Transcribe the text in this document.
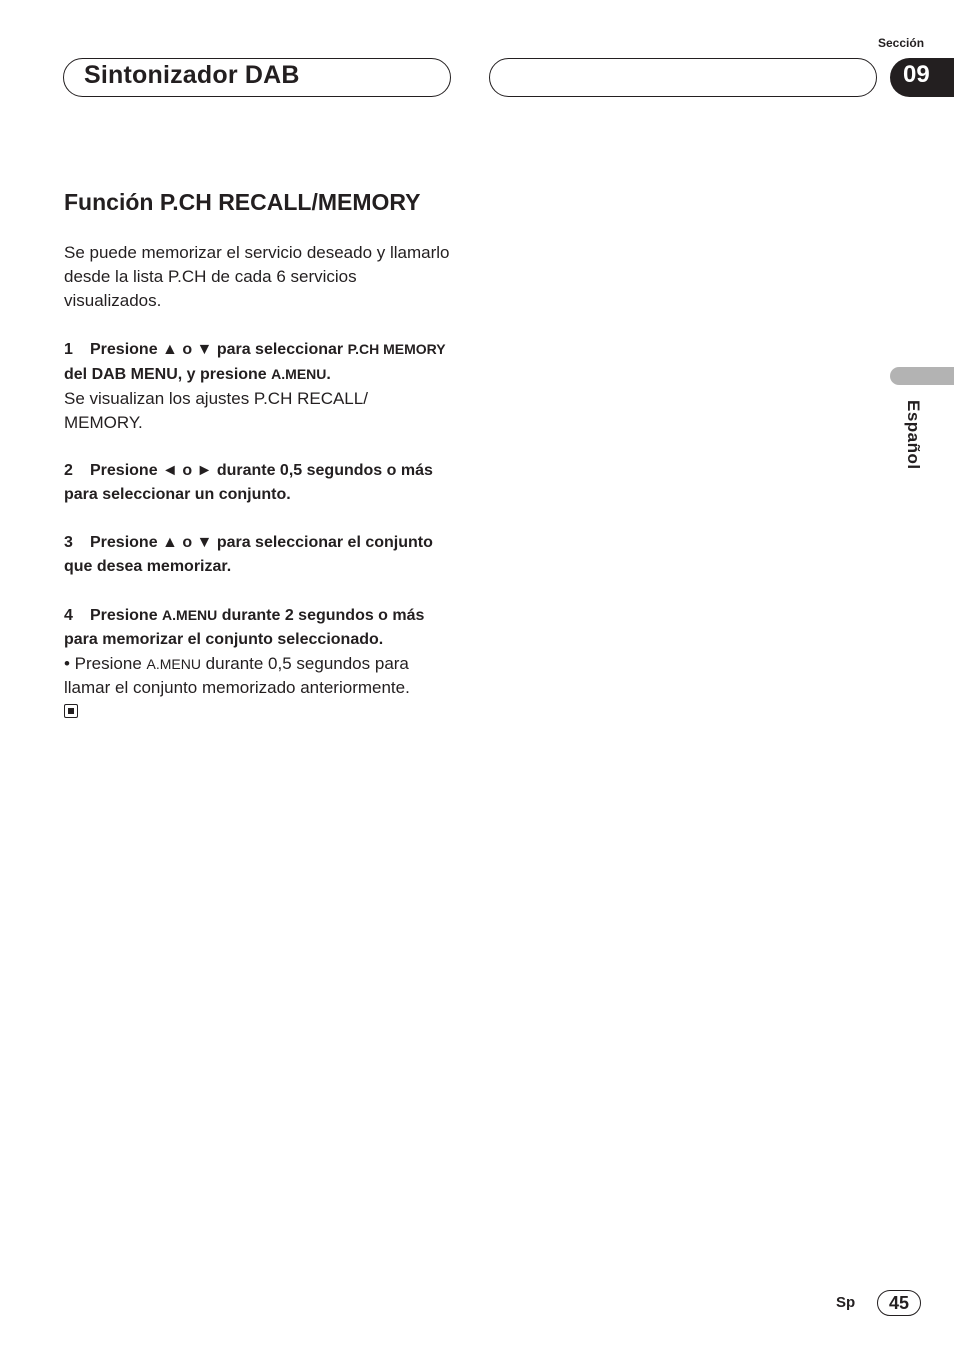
Sintonizador DAB
Sección
09
Español
Función P.CH RECALL/MEMORY

Se puede memorizar el servicio deseado y llamarlo desde la lista P.CH de cada 6 servicios visualizados.

1 Presione ▲ o ▼ para seleccionar P.CH MEMORY del DAB MENU, y presione A.MENU.

Se visualizan los ajustes P.CH RECALL/ MEMORY.

2 Presione ◄ o ► durante 0,5 segundos o más para seleccionar un conjunto.
3 Presione ▲ o ▼ para seleccionar el conjunto que desea memorizar.
4 Presione A.MENU durante 2 segundos o más para memorizar el conjunto seleccionado.

• Presione A.MENU durante 0,5 segundos para llamar el conjunto memorizado anteriormente.

Sp	45
